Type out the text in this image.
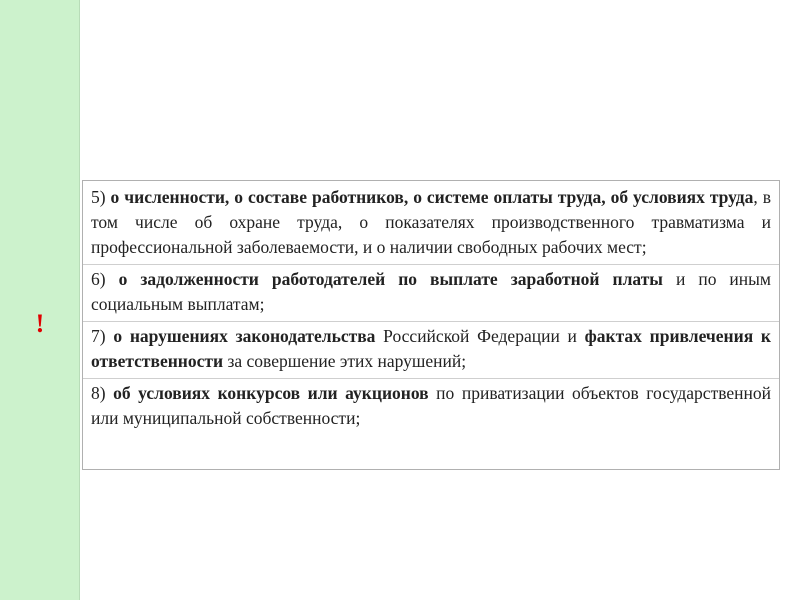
!

5) о численности, о составе работников, о системе оплаты труда, об условиях труда, в том числе об охране труда, о показателях производственного травматизма и профессиональной заболеваемости, и о наличии свободных рабочих мест;

6) о задолженности работодателей по выплате заработной платы и по иным социальным выплатам;

7) о нарушениях законодательства Российской Федерации и фактах привлечения к ответственности за совершение этих нарушений;

8) об условиях конкурсов или аукционов по приватизации объектов государственной или муниципальной собственности;
